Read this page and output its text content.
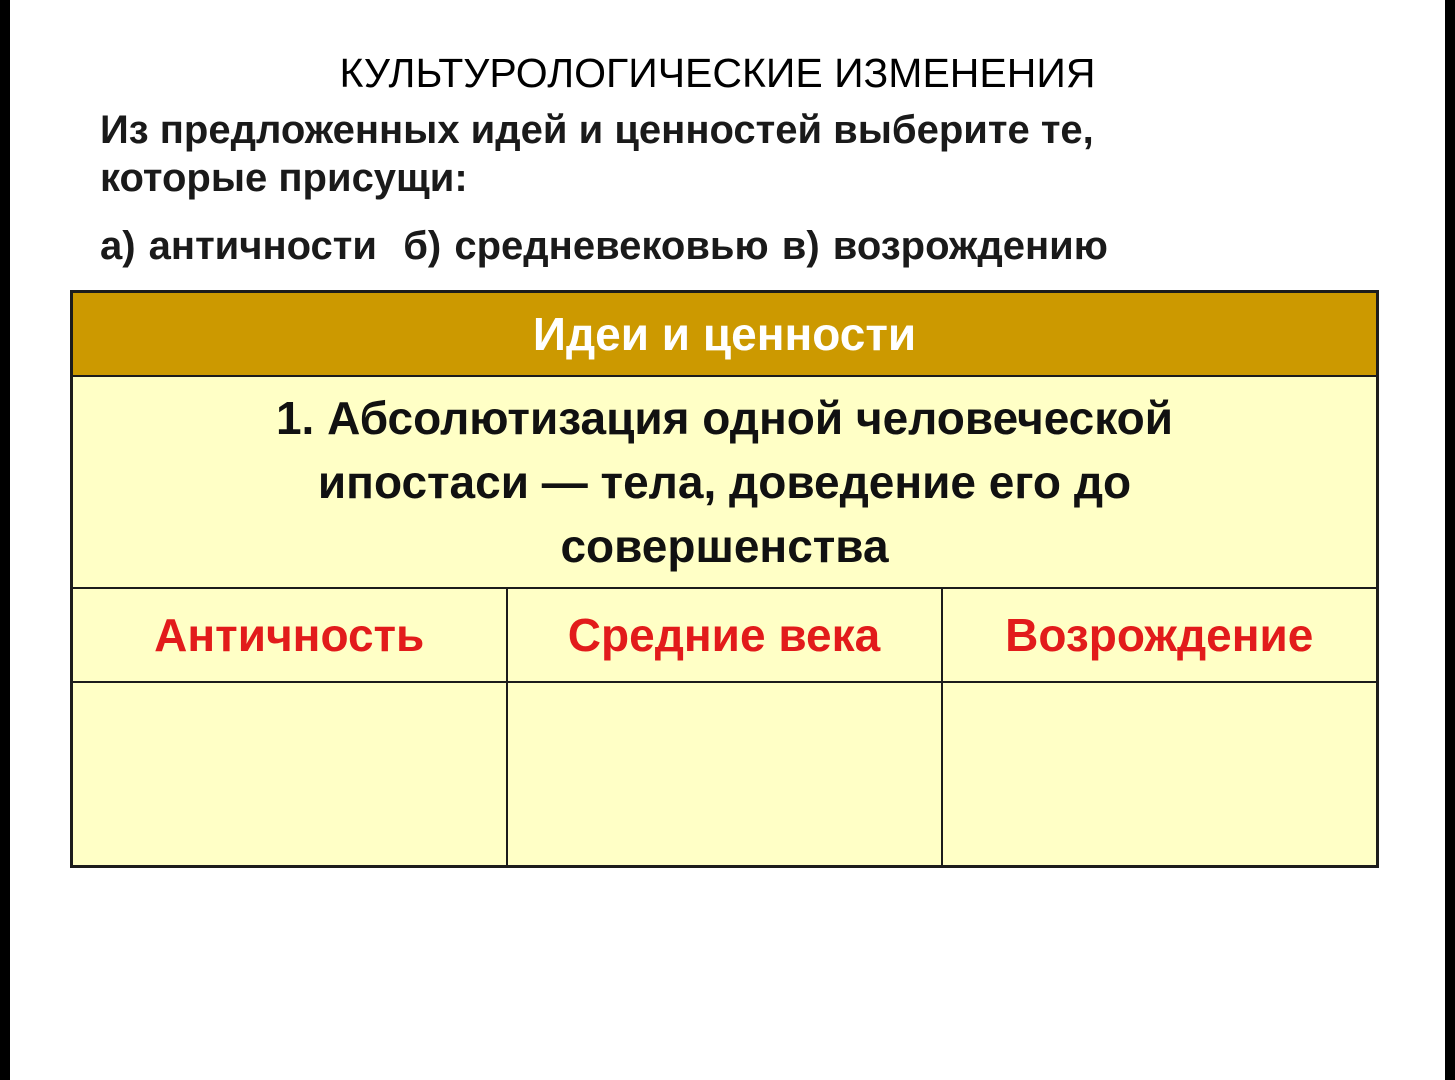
КУЛЬТУРОЛОГИЧЕСКИЕ ИЗМЕНЕНИЯ
Из предложенных идей и ценностей выберите те,
которые присущи:
а) античности б) средневековью в) возрождению
Идеи и ценности		

1. Абсолютизация одной человеческой
ипостаси — тела, доведение его до
совершенства		

Античность	Средние века	Возрождение
